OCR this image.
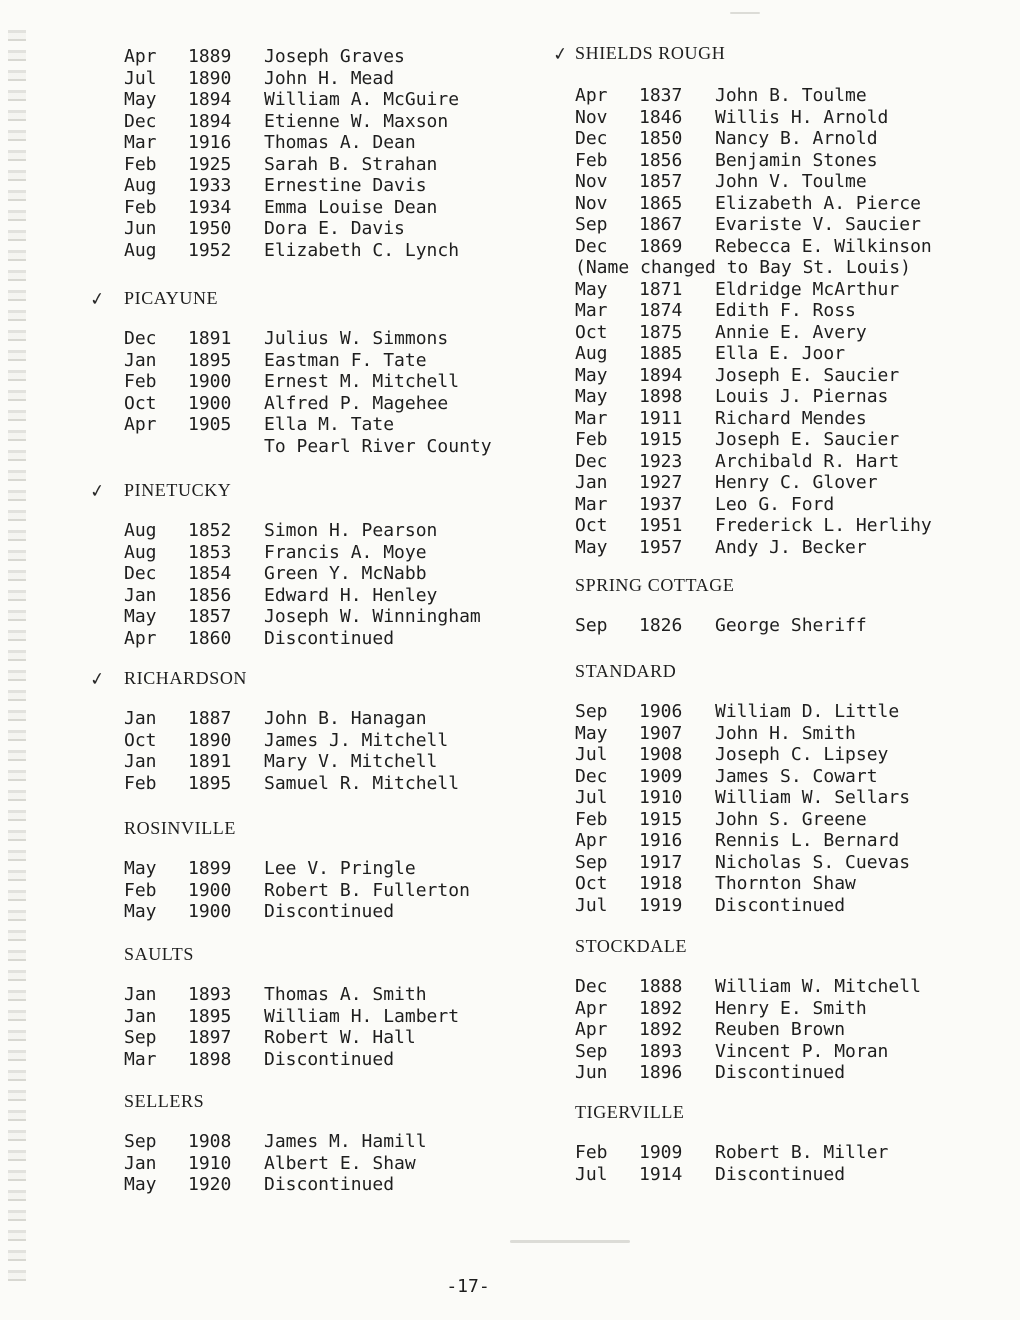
Apr	1889	Joseph Graves
Jul	1890	John H. Mead
May	1894	William A. McGuire
Dec	1894	Etienne W. Maxson
Mar	1916	Thomas A. Dean
Feb	1925	Sarah B. Strahan
Aug	1933	Ernestine Davis
Feb	1934	Emma Louise Dean
Jun	1950	Dora E. Davis
Aug	1952	Elizabeth C. Lynch
✓ PICAYUNE
Dec	1891	Julius W. Simmons
Jan	1895	Eastman F. Tate
Feb	1900	Ernest M. Mitchell
Oct	1900	Alfred P. Magehee
Apr	1905	Ella M. Tate
To Pearl River County
✓ PINETUCKY
Aug	1852	Simon H. Pearson
Aug	1853	Francis A. Moye
Dec	1854	Green Y. McNabb
Jan	1856	Edward H. Henley
May	1857	Joseph W. Winningham
Apr	1860	Discontinued
✓ RICHARDSON
Jan	1887	John B. Hanagan
Oct	1890	James J. Mitchell
Jan	1891	Mary V. Mitchell
Feb	1895	Samuel R. Mitchell
ROSINVILLE
May	1899	Lee V. Pringle
Feb	1900	Robert B. Fullerton
May	1900	Discontinued
SAULTS
Jan	1893	Thomas A. Smith
Jan	1895	William H. Lambert
Sep	1897	Robert W. Hall
Mar	1898	Discontinued
SELLERS
Sep	1908	James M. Hamill
Jan	1910	Albert E. Shaw
May	1920	Discontinued
✓ SHIELDS ROUGH
Apr	1837	John B. Toulme
Nov	1846	Willis H. Arnold
Dec	1850	Nancy B. Arnold
Feb	1856	Benjamin Stones
Nov	1857	John V. Toulme
Nov	1865	Elizabeth A. Pierce
Sep	1867	Evariste V. Saucier
Dec	1869	Rebecca E. Wilkinson
(Name changed to Bay St. Louis)
May	1871	Eldridge McArthur
Mar	1874	Edith F. Ross
Oct	1875	Annie E. Avery
Aug	1885	Ella E. Joor
May	1894	Joseph E. Saucier
May	1898	Louis J. Piernas
Mar	1911	Richard Mendes
Feb	1915	Joseph E. Saucier
Dec	1923	Archibald R. Hart
Jan	1927	Henry C. Glover
Mar	1937	Leo G. Ford
Oct	1951	Frederick L. Herlihy
May	1957	Andy J. Becker
SPRING COTTAGE
Sep	1826	George Sheriff
STANDARD
Sep	1906	William D. Little
May	1907	John H. Smith
Jul	1908	Joseph C. Lipsey
Dec	1909	James S. Cowart
Jul	1910	William W. Sellars
Feb	1915	John S. Greene
Apr	1916	Rennis L. Bernard
Sep	1917	Nicholas S. Cuevas
Oct	1918	Thornton Shaw
Jul	1919	Discontinued
STOCKDALE
Dec	1888	William W. Mitchell
Apr	1892	Henry E. Smith
Apr	1892	Reuben Brown
Sep	1893	Vincent P. Moran
Jun	1896	Discontinued
TIGERVILLE
Feb	1909	Robert B. Miller
Jul	1914	Discontinued
-17-
